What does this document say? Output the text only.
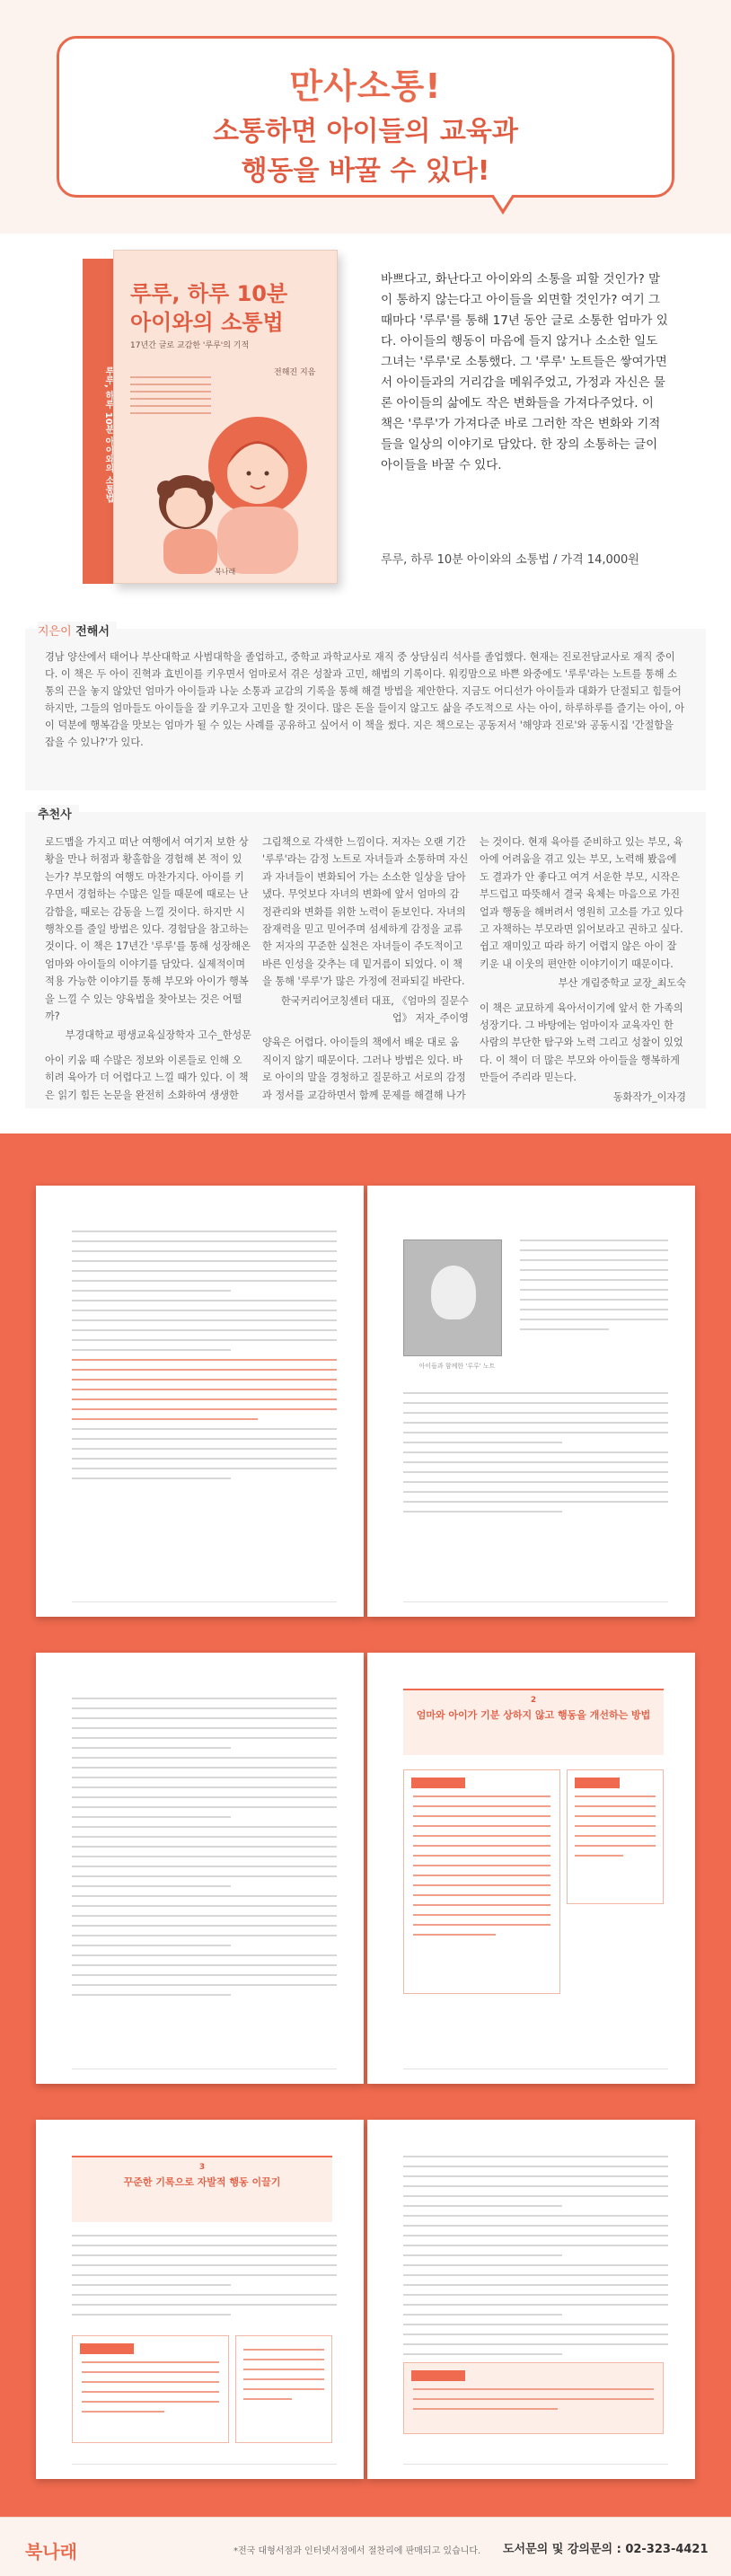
만사소통!
소통하면 아이들의 교육과
행동을 바꿀 수 있다!
루루, 하루 10분 아이와의 소통법
루루, 하루 10분
아이와의 소통법
17년간 글로 교감한 '루루'의 기적
전해진 지음
북나래

바쁘다고, 화난다고 아이와의 소통을 피할 것인가? 말이 통하지 않는다고 아이들을 외면할 것인가? 여기 그때마다 '루루'를 통해 17년 동안 글로 소통한 엄마가 있다. 아이들의 행동이 마음에 들지 않거나 소소한 일도 그녀는 '루루'로 소통했다. 그 '루루' 노트들은 쌓여가면서 아이들과의 거리감을 메워주었고, 가정과 자신은 물론 아이들의 삶에도 작은 변화들을 가져다주었다. 이 책은 '루루'가 가져다준 바로 그러한 작은 변화와 기적들을 일상의 이야기로 담았다. 한 장의 소통하는 글이 아이들을 바꿀 수 있다.

루루, 하루 10분 아이와의 소통법 / 가격 14,000원
지은이 전해서
경남 양산에서 태어나 부산대학교 사범대학을 졸업하고, 중학교 과학교사로 재직 중 상담심리 석사를 졸업했다. 현재는 진로전담교사로 재직 중이다. 이 책은 두 아이 진혁과 효빈이를 키우면서 엄마로서 겪은 성찰과 고민, 해법의 기록이다. 워킹맘으로 바쁜 와중에도 '루루'라는 노트를 통해 소통의 끈을 놓지 않았던 엄마가 아이들과 나눈 소통과 교감의 기록을 통해 해결 방법을 제안한다. 지금도 어디선가 아이들과 대화가 단절되고 힘들어 하지만, 그들의 엄마들도 아이들을 잘 키우고자 고민을 할 것이다. 많은 돈을 들이지 않고도 삶을 주도적으로 사는 아이, 하루하루를 즐기는 아이, 아이 덕분에 행복감을 맛보는 엄마가 될 수 있는 사례를 공유하고 싶어서 이 책을 썼다. 지은 책으로는 공동저서 '해양과 진로'와 공동시집 '간절함을 잡을 수 있나?'가 있다.
추천사
로드맵을 가지고 떠난 여행에서 여기저 보한 상황을 만나 허점과 황홀함을 경험해 본 적이 있는가? 부모함의 여행도 마찬가지다. 아이를 키우면서 경험하는 수많은 일들 때문에 때로는 난감함을, 때로는 감동을 느낄 것이다. 하지만 시행착오를 줄일 방법은 있다. 경험담을 참고하는 것이다. 이 책은 17년간 '루루'를 통해 성장해온 엄마와 아이들의 이야기를 담았다. 실제적이며 적용 가능한 이야기를 통해 부모와 아이가 행복을 느낄 수 있는 양육법을 찾아보는 것은 어떨까?
부경대학교 평생교육실장학자 고수_한성문
아이 키움 때 수많은 정보와 이론들로 인해 오히려 육아가 더 어렵다고 느낄 때가 있다. 이 책은 읽기 힘든 논문을 완전히 소화하여 생생한
그림책으로 각색한 느낌이다. 저자는 오랜 기간 '루루'라는 감정 노트로 자녀들과 소통하며 자신과 자녀들이 변화되어 가는 소소한 일상을 담아냈다. 무엇보다 자녀의 변화에 앞서 엄마의 감정관리와 변화를 위한 노력이 돋보인다. 자녀의 잠재력을 믿고 믿어주며 섬세하게 감정을 교류한 저자의 꾸준한 실천은 자녀들이 주도적이고 바른 인성을 갖추는 데 밑거름이 되었다. 이 책을 통해 '루루'가 많은 가정에 전파되길 바란다.
한국커리어코칭센터 대표, 《엄마의 질문수업》 저자_주이영
양육은 어렵다. 아이들의 책에서 배운 대로 움직이지 않기 때문이다. 그러나 방법은 있다. 바로 아이의 말을 경청하고 질문하고 서로의 감정과 정서를 교감하면서 함께 문제를 해결해 나가
는 것이다. 현재 육아를 준비하고 있는 부모, 육아에 어려움을 겪고 있는 부모, 노력해 봤음에도 결과가 안 좋다고 여겨 서운한 부모, 시작은 부드럽고 따뜻해서 결국 육체는 마음으로 가진 얼과 행동을 해버려서 영원히 고소를 가고 있다고 자책하는 부모라면 읽어보라고 권하고 싶다. 쉽고 재미있고 따라 하기 어렵지 않은 아이 잘 키운 내 이웃의 편안한 이야기이기 때문이다.
부산 개림중학교 교장_최도숙
이 책은 교묘하게 육아서이기에 앞서 한 가족의 성장기다. 그 바탕에는 엄마이자 교육자인 한 사람의 부단한 탐구와 노력 그리고 성찰이 있었다. 이 책이 더 많은 부모와 아이들을 행복하게 만들어 주리라 믿는다.
동화작가_이자경
아이들과 함께한 '루루' 노트
2
엄마와 아이가 기분 상하지 않고 행동을 개선하는 방법
3
꾸준한 기록으로 자발적 행동 이끌기
북나래	*전국 대형서점과 인터넷서점에서 절찬리에 판매되고 있습니다. 도서문의 및 강의문의 : 02-323-4421
